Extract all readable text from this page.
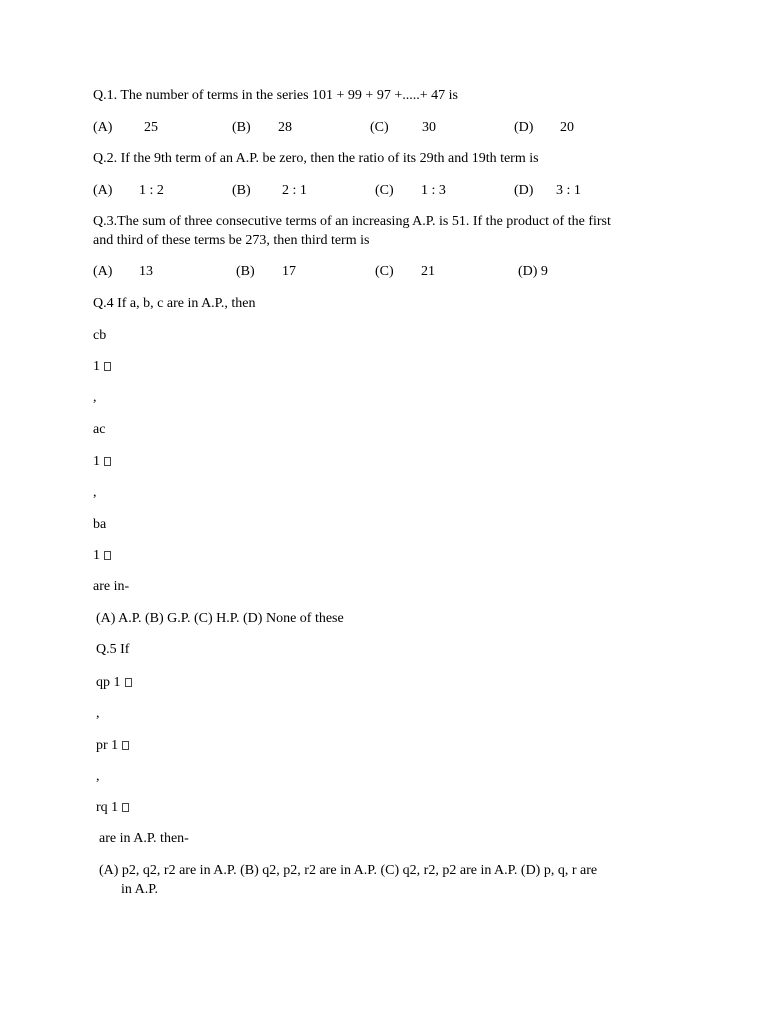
Q.1. The number of terms in the series 101 + 99 + 97 +.....+ 47 is
(A) 25	(B) 28	(C) 30	(D) 20
Q.2. If the 9th term of an A.P. be zero, then the ratio of its 29th and 19th term is
(A) 1 : 2	(B) 2 : 1	(C) 1 : 3	(D) 3 : 1
Q.3.The sum of three consecutive terms of an increasing A.P. is 51. If the product of the first
and third of these terms be 273, then third term is
(A) 13	(B) 17	(C) 21	(D) 9
Q.4 If a, b, c are in A.P., then
cb
1
,
ac
1
,
ba
1
are in-
(A) A.P. (B) G.P. (C) H.P. (D) None of these
Q.5 If
qp 1
,
pr 1
,
rq 1
are in A.P. then-
(A) p2, q2, r2 are in A.P. (B) q2, p2, r2 are in A.P. (C) q2, r2, p2 are in A.P. (D) p, q, r are
in A.P.
